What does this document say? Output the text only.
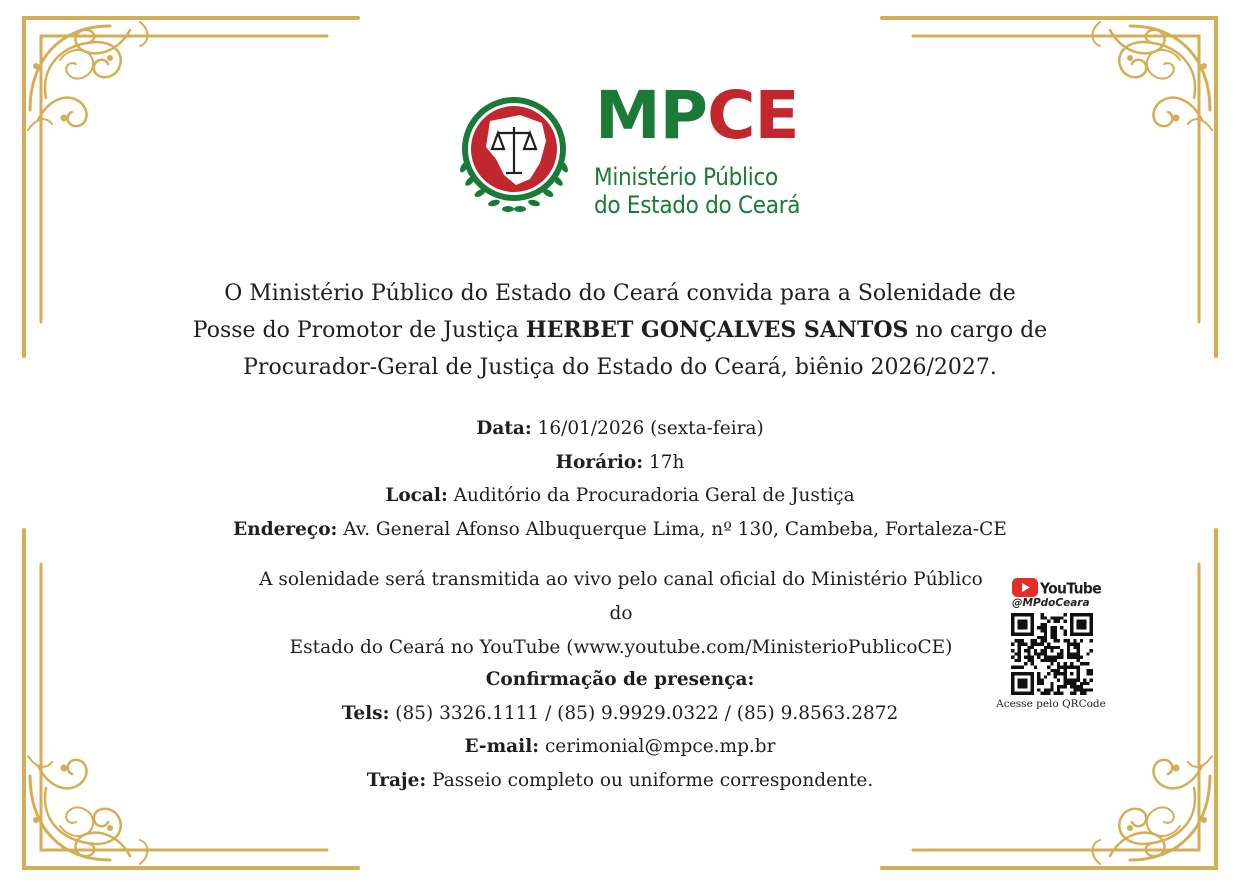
MPCE
Ministério Público
do Estado do Ceará
O Ministério Público do Estado do Ceará convida para a Solenidade de
Posse do Promotor de Justiça HERBET GONÇALVES SANTOS no cargo de
Procurador-Geral de Justiça do Estado do Ceará, biênio 2026/2027.
Data: 16/01/2026 (sexta-feira)
Horário: 17h
Local: Auditório da Procuradoria Geral de Justiça
Endereço: Av. General Afonso Albuquerque Lima, nº 130, Cambeba, Fortaleza-CE
A solenidade será transmitida ao vivo pelo canal oficial do Ministério Público do
Estado do Ceará no YouTube (www.youtube.com/MinisterioPublicoCE)
YouTube
@MPdoCeara
Acesse pelo QRCode
Confirmação de presença:
Tels: (85) 3326.1111 / (85) 9.9929.0322 / (85) 9.8563.2872
E-mail: cerimonial@mpce.mp.br
Traje: Passeio completo ou uniforme correspondente.
